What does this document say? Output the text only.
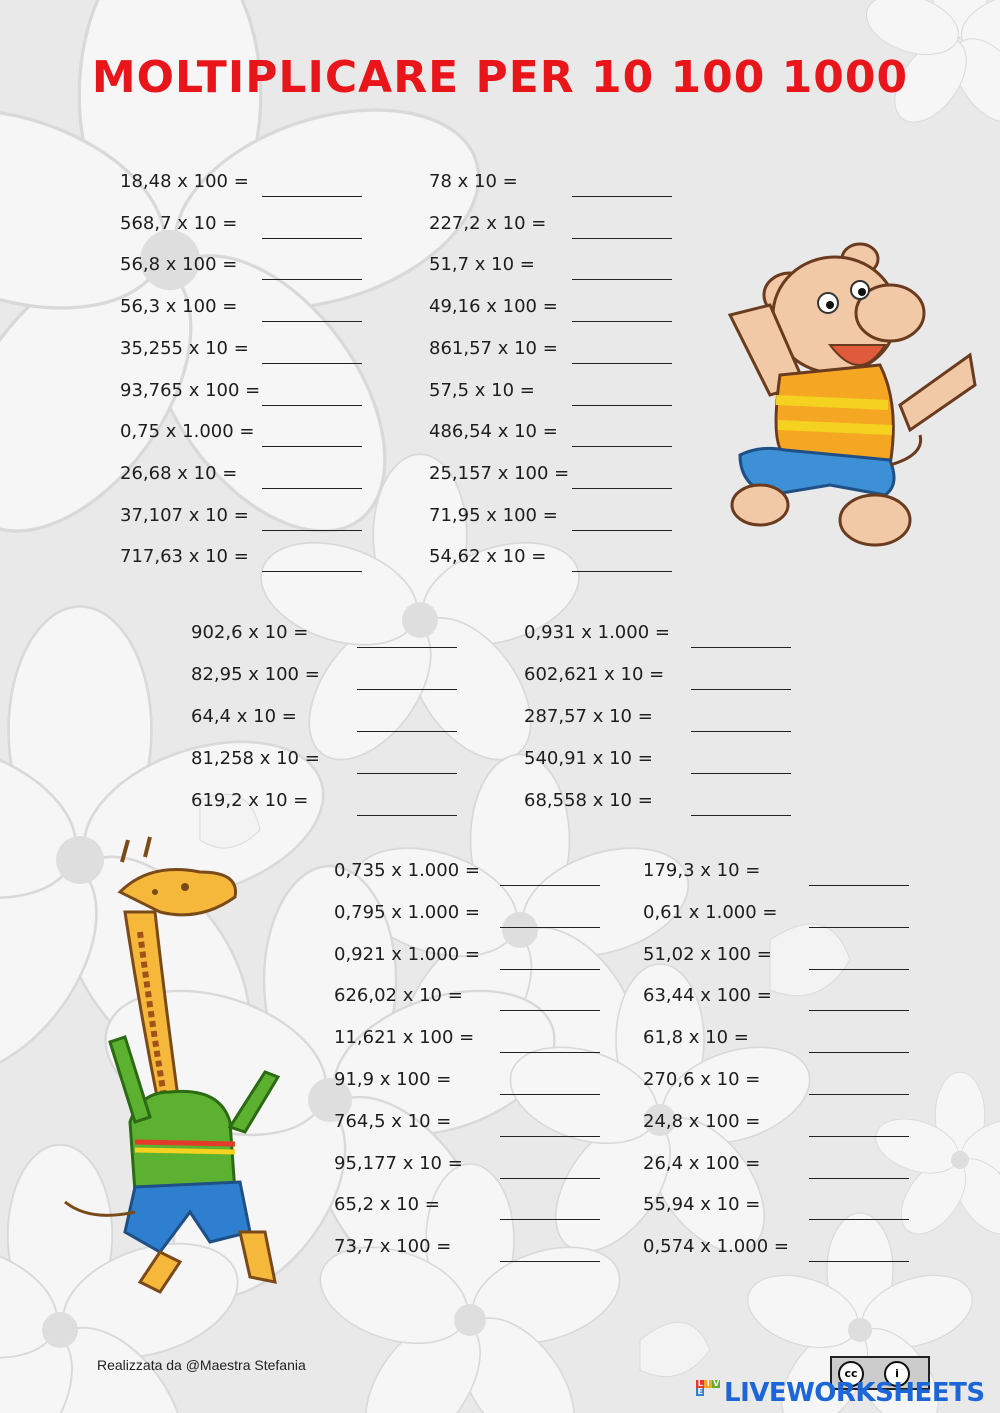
MOLTIPLICARE PER 10 100 1000
18,48 x 100 =
568,7 x 10 =
56,8 x 100 =
56,3 x 100 =
35,255 x 10 =
93,765 x 100 =
0,75 x 1.000 =
26,68 x 10 =
37,107 x 10 =
717,63 x 10 =
78 x 10 =
227,2 x 10 =
51,7 x 10 =
49,16 x 100 =
861,57 x 10 =
57,5 x 10 =
486,54 x 10 =
25,157 x 100 =
71,95 x 100 =
54,62 x 10 =
902,6 x 10 =
82,95 x 100 =
64,4 x 10 =
81,258 x 10 =
619,2 x 10 =
0,931 x 1.000 =
602,621 x 10 =
287,57 x 10 =
540,91 x 10 =
68,558 x 10 =
0,735 x 1.000 =
0,795 x 1.000 =
0,921 x 1.000 =
626,02 x 10 =
11,621 x 100 =
91,9 x 100 =
764,5 x 10 =
95,177 x 10 =
65,2 x 10 =
73,7 x 100 =
179,3 x 10 =
0,61 x 1.000 =
51,02 x 100 =
63,44 x 100 =
61,8 x 10 =
270,6 x 10 =
24,8 x 100 =
26,4 x 100 =
55,94 x 10 =
0,574 x 1.000 =
Realizzata da @Maestra Stefania
cc	i
L I V
E LIVEWORKSHEETS
